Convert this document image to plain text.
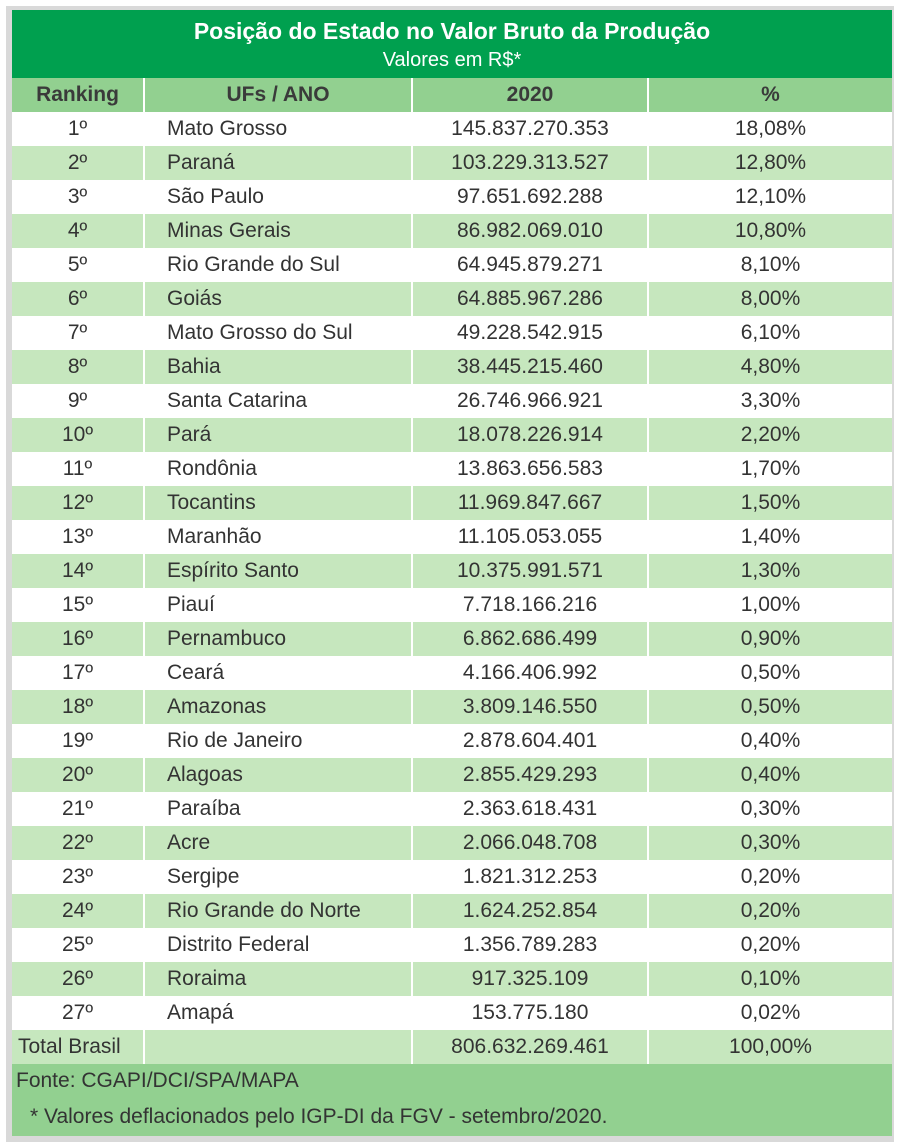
Posição do Estado no Valor Bruto da Produção
Valores em R$*
Ranking	UFs / ANO	2020	%
1º	Mato Grosso	145.837.270.353	18,08%
2º	Paraná	103.229.313.527	12,80%
3º	São Paulo	97.651.692.288	12,10%
4º	Minas Gerais	86.982.069.010	10,80%
5º	Rio Grande do Sul	64.945.879.271	8,10%
6º	Goiás	64.885.967.286	8,00%
7º	Mato Grosso do Sul	49.228.542.915	6,10%
8º	Bahia	38.445.215.460	4,80%
9º	Santa Catarina	26.746.966.921	3,30%
10º	Pará	18.078.226.914	2,20%
11º	Rondônia	13.863.656.583	1,70%
12º	Tocantins	11.969.847.667	1,50%
13º	Maranhão	11.105.053.055	1,40%
14º	Espírito Santo	10.375.991.571	1,30%
15º	Piauí	7.718.166.216	1,00%
16º	Pernambuco	6.862.686.499	0,90%
17º	Ceará	4.166.406.992	0,50%
18º	Amazonas	3.809.146.550	0,50%
19º	Rio de Janeiro	2.878.604.401	0,40%
20º	Alagoas	2.855.429.293	0,40%
21º	Paraíba	2.363.618.431	0,30%
22º	Acre	2.066.048.708	0,30%
23º	Sergipe	1.821.312.253	0,20%
24º	Rio Grande do Norte	1.624.252.854	0,20%
25º	Distrito Federal	1.356.789.283	0,20%
26º	Roraima	917.325.109	0,10%
27º	Amapá	153.775.180	0,02%
Total Brasil		806.632.269.461	100,00%
Fonte: CGAPI/DCI/SPA/MAPA
* Valores deflacionados pelo IGP-DI da FGV - setembro/2020.
